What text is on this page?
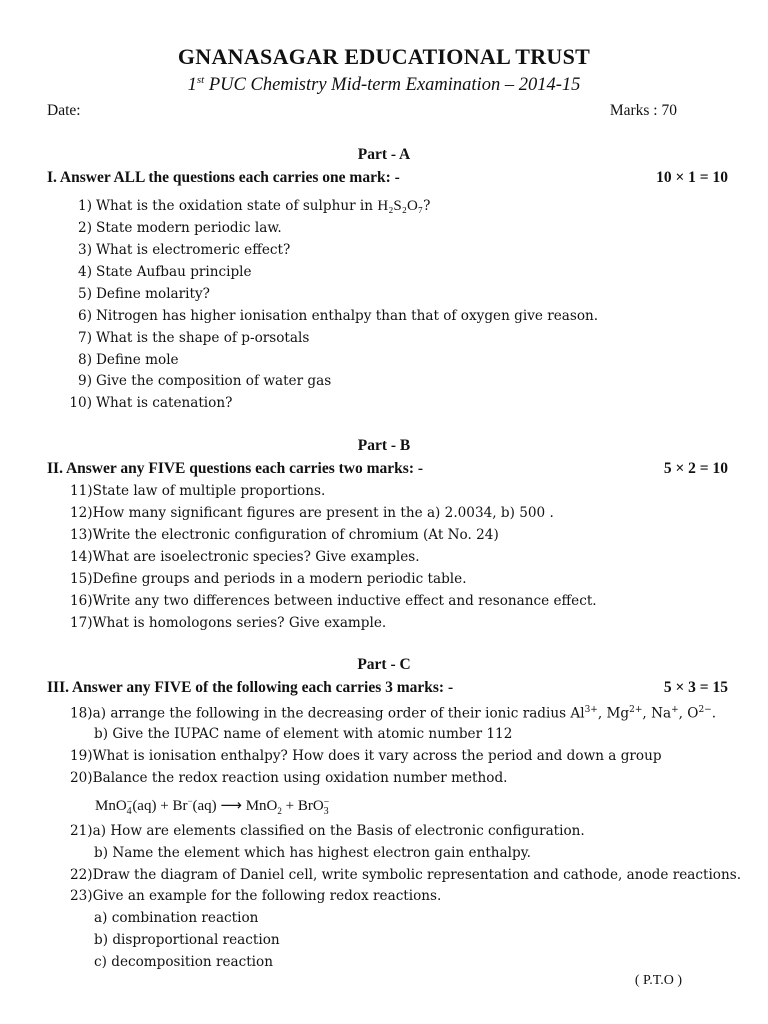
GNANASAGAR EDUCATIONAL TRUST
1st PUC Chemistry Mid-term Examination – 2014-15
Date:	Marks : 70
Part - A
I. Answer ALL the questions each carries one mark: -	10 × 1 = 10
1) What is the oxidation state of sulphur in H₂S₂O₇?
2) State modern periodic law.
3) What is electromeric effect?
4) State Aufbau principle
5) Define molarity?
6) Nitrogen has higher ionisation enthalpy than that of oxygen give reason.
7) What is the shape of p-orsotals
8) Define mole
9) Give the composition of water gas
10) What is catenation?
Part - B
II. Answer any FIVE questions each carries two marks: -	5 × 2 = 10
11)State law of multiple proportions.
12)How many significant figures are present in the a) 2.0034, b) 500 .
13)Write the electronic configuration of chromium (At No. 24)
14)What are isoelectronic species? Give examples.
15)Define groups and periods in a modern periodic table.
16)Write any two differences between inductive effect and resonance effect.
17)What is homologons series? Give example.
Part - C
III. Answer any FIVE of the following each carries 3 marks: -	5 × 3 = 15
18)a) arrange the following in the decreasing order of their ionic radius $Al^{3+}$, $Mg^{2+}$, Na+, $O^{2-}$.
b) Give the IUPAC name of element with atomic number 112
19)What is ionisation enthalpy? How does it vary across the period and down a group
20)Balance the redox reaction using oxidation number method.
MnO −
4 (aq) + Br−(aq) ⟶ MnO$_2$ + BrO −
3
21)a) How are elements classified on the Basis of electronic configuration.
b) Name the element which has highest electron gain enthalpy.
22)Draw the diagram of Daniel cell, write symbolic representation and cathode, anode reactions.
23)Give an example for the following redox reactions.
a) combination reaction
b) disproportional reaction
c) decomposition reaction
( P.T.O )
